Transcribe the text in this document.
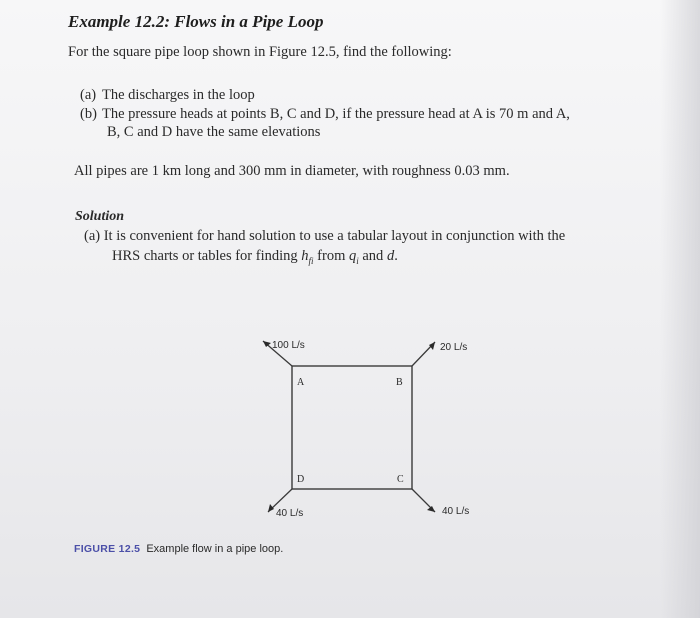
Example 12.2: Flows in a Pipe Loop
For the square pipe loop shown in Figure 12.5, find the following:
(a) The discharges in the loop
(b) The pressure heads at points B, C and D, if the pressure head at A is 70 m and A,
B, C and D have the same elevations
All pipes are 1 km long and 300 mm in diameter, with roughness 0.03 mm.
Solution
(a) It is convenient for hand solution to use a tabular layout in conjunction with the
HRS charts or tables for finding $h_{fi}$ from $q_i$ and d.
100 L/s	20 L/s
40 L/s
40 L/s
A	B
C
D
FIGURE 12.5 Example flow in a pipe loop.
